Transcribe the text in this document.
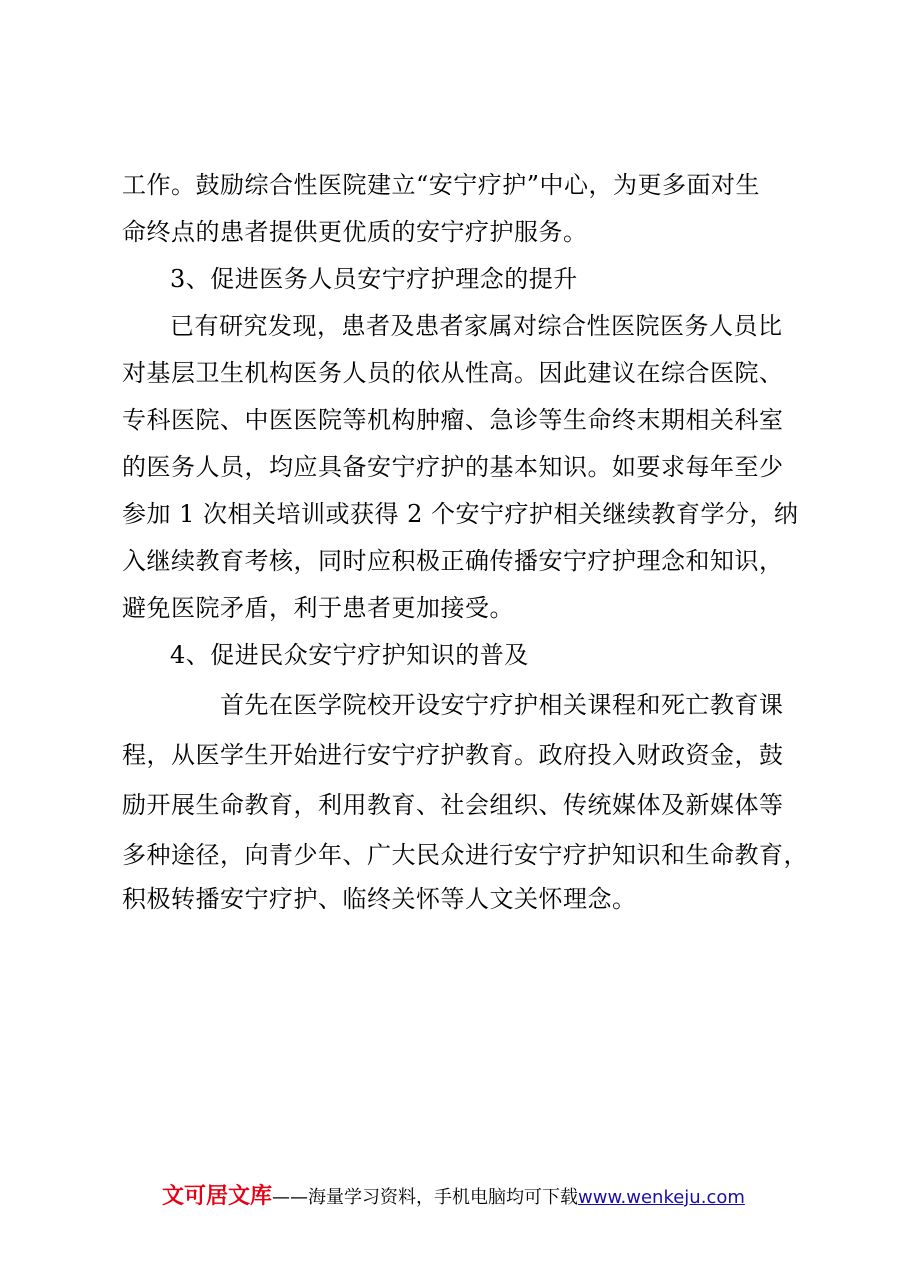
工作。鼓励综合性医院建立“安宁疗护”中心，为更多面对生
命终点的患者提供更优质的安宁疗护服务。
3、促进医务人员安宁疗护理念的提升
已有研究发现，患者及患者家属对综合性医院医务人员比
对基层卫生机构医务人员的依从性高。因此建议在综合医院、
专科医院、中医医院等机构肿瘤、急诊等生命终末期相关科室
的医务人员，均应具备安宁疗护的基本知识。如要求每年至少
参加 1 次相关培训或获得 2 个安宁疗护相关继续教育学分，纳
入继续教育考核，同时应积极正确传播安宁疗护理念和知识，
避免医院矛盾，利于患者更加接受。
4、促进民众安宁疗护知识的普及
首先在医学院校开设安宁疗护相关课程和死亡教育课
程，从医学生开始进行安宁疗护教育。政府投入财政资金，鼓
励开展生命教育，利用教育、社会组织、传统媒体及新媒体等
多种途径，向青少年、广大民众进行安宁疗护知识和生命教育，
积极转播安宁疗护、临终关怀等人文关怀理念。
文可居文库——海量学习资料，手机电脑均可下载www.wenkeju.com
